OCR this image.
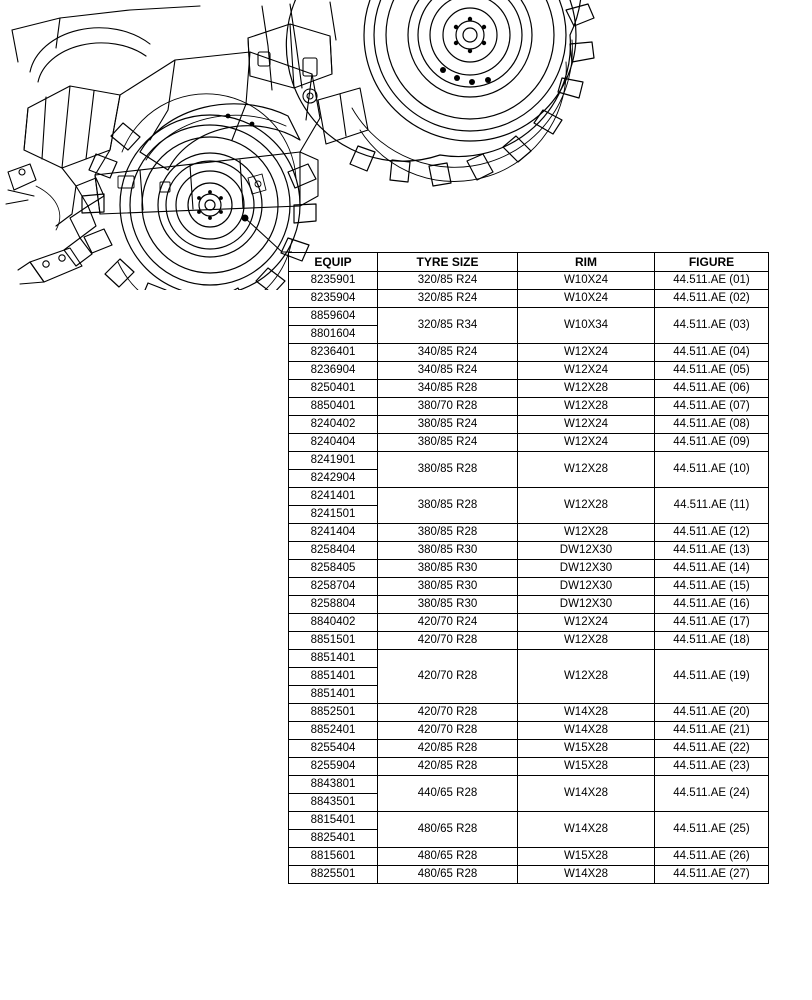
EQUIP	TYRE SIZE	RIM	FIGURE
8235901	320/85 R24	W10X24	44.511.AE (01)
8235904	320/85 R24	W10X24	44.511.AE (02)
8859604	320/85 R34	W10X34	44.511.AE (03)
8801604			
8236401	340/85 R24	W12X24	44.511.AE (04)
8236904	340/85 R24	W12X24	44.511.AE (05)
8250401	340/85 R28	W12X28	44.511.AE (06)
8850401	380/70 R28	W12X28	44.511.AE (07)
8240402	380/85 R24	W12X24	44.511.AE (08)
8240404	380/85 R24	W12X24	44.511.AE (09)
8241901	380/85 R28	W12X28	44.511.AE (10)
8242904			
8241401	380/85 R28	W12X28	44.511.AE (11)
8241501			
8241404	380/85 R28	W12X28	44.511.AE (12)
8258404	380/85 R30	DW12X30	44.511.AE (13)
8258405	380/85 R30	DW12X30	44.511.AE (14)
8258704	380/85 R30	DW12X30	44.511.AE (15)
8258804	380/85 R30	DW12X30	44.511.AE (16)
8840402	420/70 R24	W12X24	44.511.AE (17)
8851501	420/70 R28	W12X28	44.511.AE (18)
8851401	420/70 R28	W12X28	44.511.AE (19)
8851401			
8851401			
8852501	420/70 R28	W14X28	44.511.AE (20)
8852401	420/70 R28	W14X28	44.511.AE (21)
8255404	420/85 R28	W15X28	44.511.AE (22)
8255904	420/85 R28	W15X28	44.511.AE (23)
8843801	440/65 R28	W14X28	44.511.AE (24)
8843501			
8815401	480/65 R28	W14X28	44.511.AE (25)
8825401			
8815601	480/65 R28	W15X28	44.511.AE (26)
8825501	480/65 R28	W14X28	44.511.AE (27)
